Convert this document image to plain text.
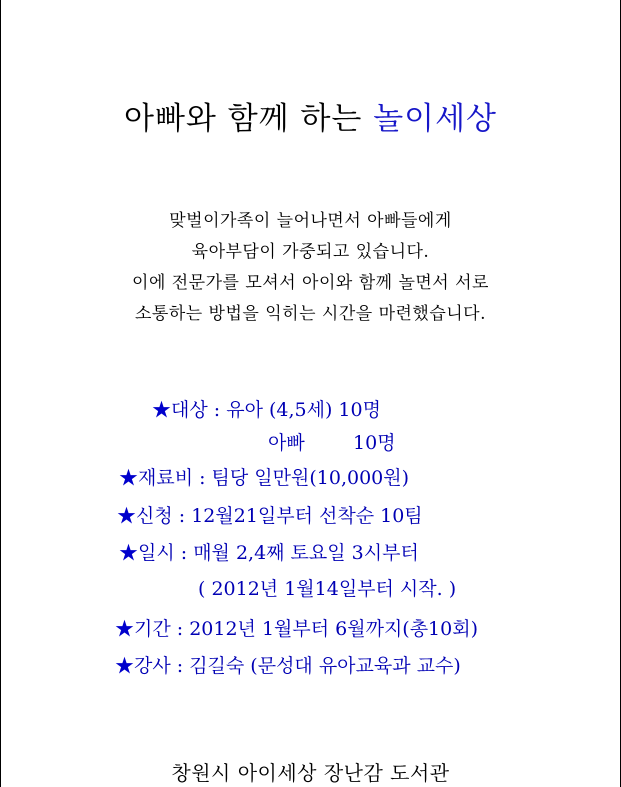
아빠와 함께 하는 놀이세상
맞벌이가족이 늘어나면서 아빠들에게
육아부담이 가중되고 있습니다.
이에 전문가를 모셔서 아이와 함께 놀면서 서로
소통하는 방법을 익히는 시간을 마련했습니다.
★대상 : 유아 (4,5세) 10명
아빠        10명
★재료비 : 팀당 일만원(10,000원)
★신청 : 12월21일부터 선착순 10팀
★일시 : 매월 2,4째 토요일 3시부터
( 2012년 1월14일부터 시작. )
★기간 : 2012년 1월부터 6월까지(총10회)
★강사 : 김길숙 (문성대 유아교육과 교수)
창원시 아이세상 장난감 도서관
